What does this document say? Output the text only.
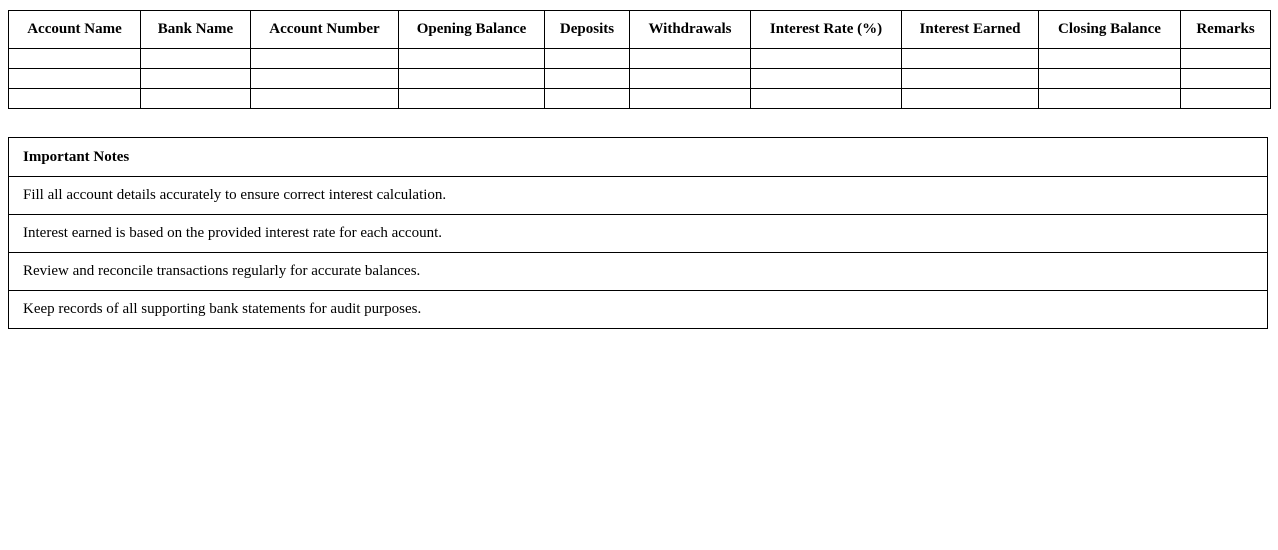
Account Name	Bank Name	Account Number	Opening Balance	Deposits	Withdrawals	Interest Rate (%)	Interest Earned	Closing Balance	Remarks

Important Notes
Fill all account details accurately to ensure correct interest calculation.
Interest earned is based on the provided interest rate for each account.
Review and reconcile transactions regularly for accurate balances.
Keep records of all supporting bank statements for audit purposes.
